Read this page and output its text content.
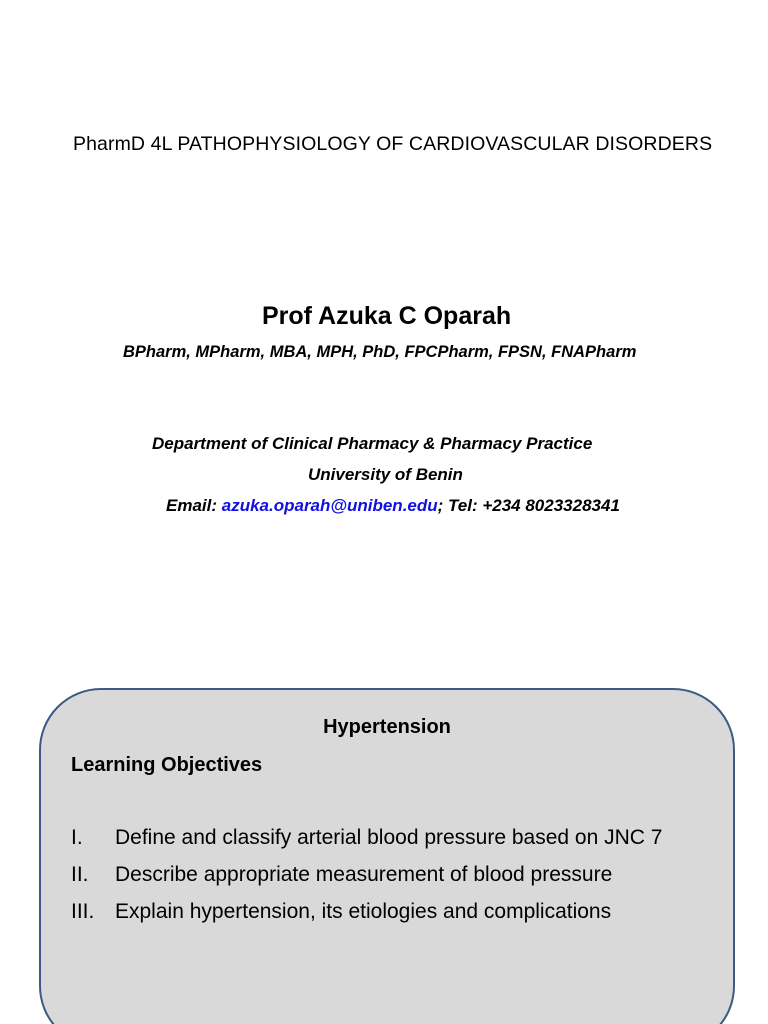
PharmD 4L PATHOPHYSIOLOGY OF CARDIOVASCULAR DISORDERS
Prof Azuka C Oparah
BPharm, MPharm, MBA, MPH, PhD, FPCPharm, FPSN, FNAPharm
Department of Clinical Pharmacy & Pharmacy Practice
University of Benin
Email: azuka.oparah@uniben.edu; Tel: +234 8023328341
Hypertension
Learning Objectives
I.	Define and classify arterial blood pressure based on JNC 7
II.	Describe appropriate measurement of blood pressure
III. Explain hypertension, its etiologies and complications
